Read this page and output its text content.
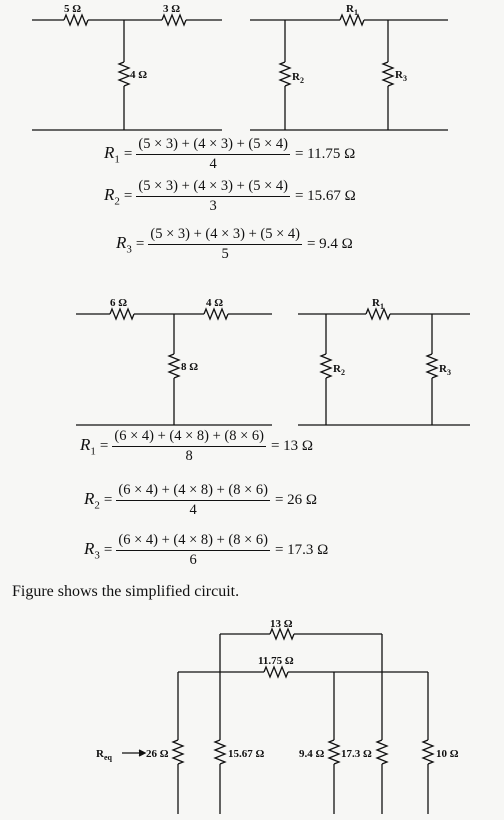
5 Ω	3 Ω
4 Ω
$R_1$
$R_2$	$R_3$
$R_1 = \frac{(5 \times 3) + (4 \times 3) + (5 \times 4)}{4} = 11.75$ Ω
$R_2 = \frac{(5 \times 3) + (4 \times 3) + (5 \times 4)}{3} = 15.67$ Ω
$R_3 = \frac{(5 \times 3) + (4 \times 3) + (5 \times 4)}{5} = 9.4$ Ω
6 Ω	4 Ω
8 Ω
$R_1$
$R_2$	$R_3$
$R_1 = \frac{(6 \times 4) + (4 \times 8) + (8 \times 6)}{8} = 13$ Ω
$R_2 = \frac{(6 \times 4) + (4 \times 8) + (8 \times 6)}{4} = 26$ Ω
$R_3 = \frac{(6 \times 4) + (4 \times 8) + (8 \times 6)}{6} = 17.3$ Ω
Figure shows the simplified circuit.
13 Ω
11.75 Ω
$R_{eq}$	26 Ω	15.67 Ω	9.4 Ω 17.3 Ω	10 Ω
